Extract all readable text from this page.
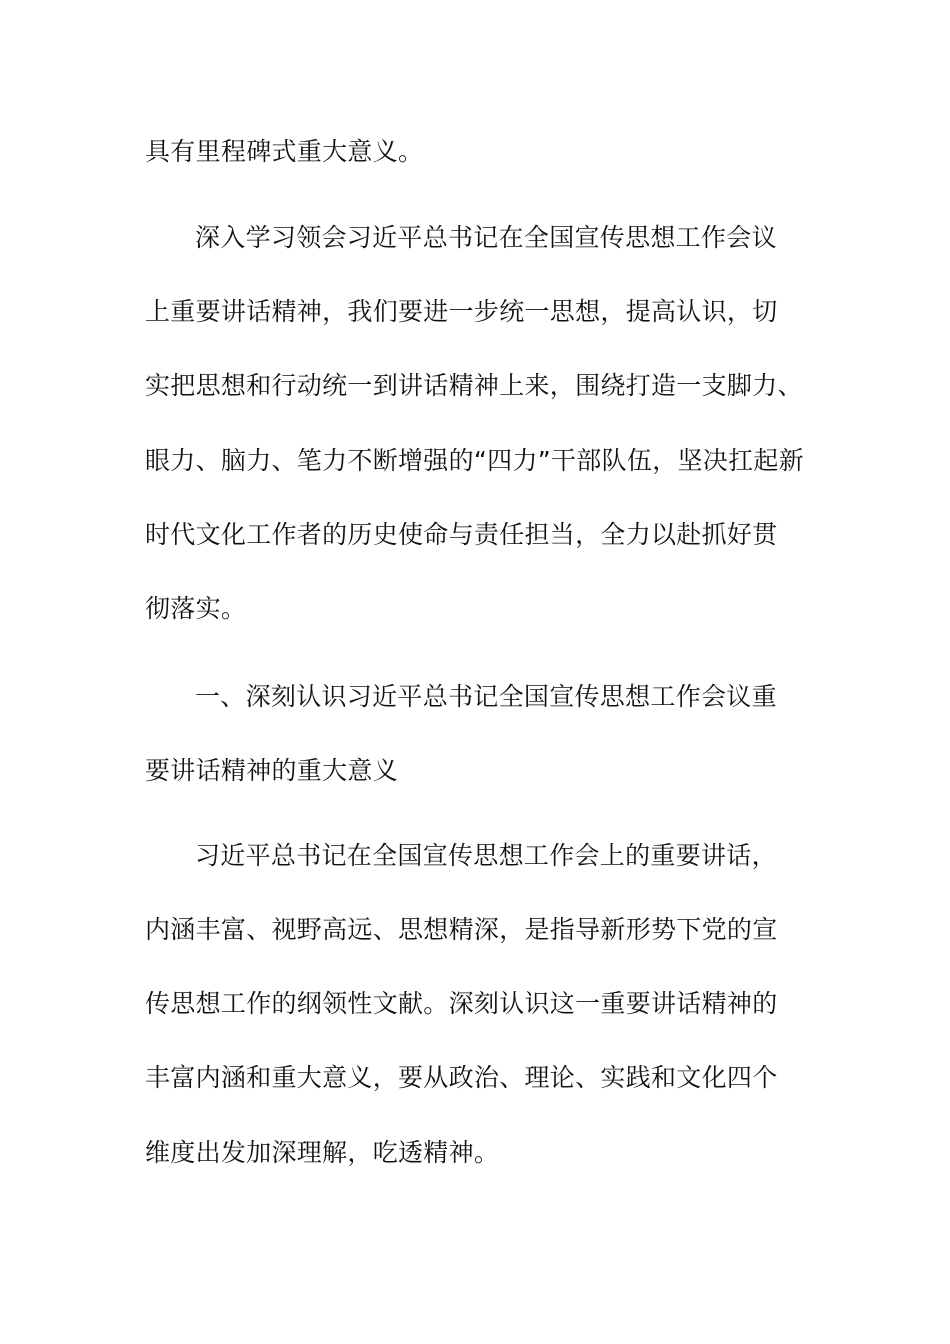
具有里程碑式重大意义。
深入学习领会习近平总书记在全国宣传思想工作会议
上重要讲话精神，我们要进一步统一思想，提高认识，切
实把思想和行动统一到讲话精神上来，围绕打造一支脚力、
眼力、脑力、笔力不断增强的“四力”干部队伍，坚决扛起新
时代文化工作者的历史使命与责任担当，全力以赴抓好贯
彻落实。
一、深刻认识习近平总书记全国宣传思想工作会议重
要讲话精神的重大意义
习近平总书记在全国宣传思想工作会上的重要讲话，
内涵丰富、视野高远、思想精深，是指导新形势下党的宣
传思想工作的纲领性文献。深刻认识这一重要讲话精神的
丰富内涵和重大意义，要从政治、理论、实践和文化四个
维度出发加深理解，吃透精神。
